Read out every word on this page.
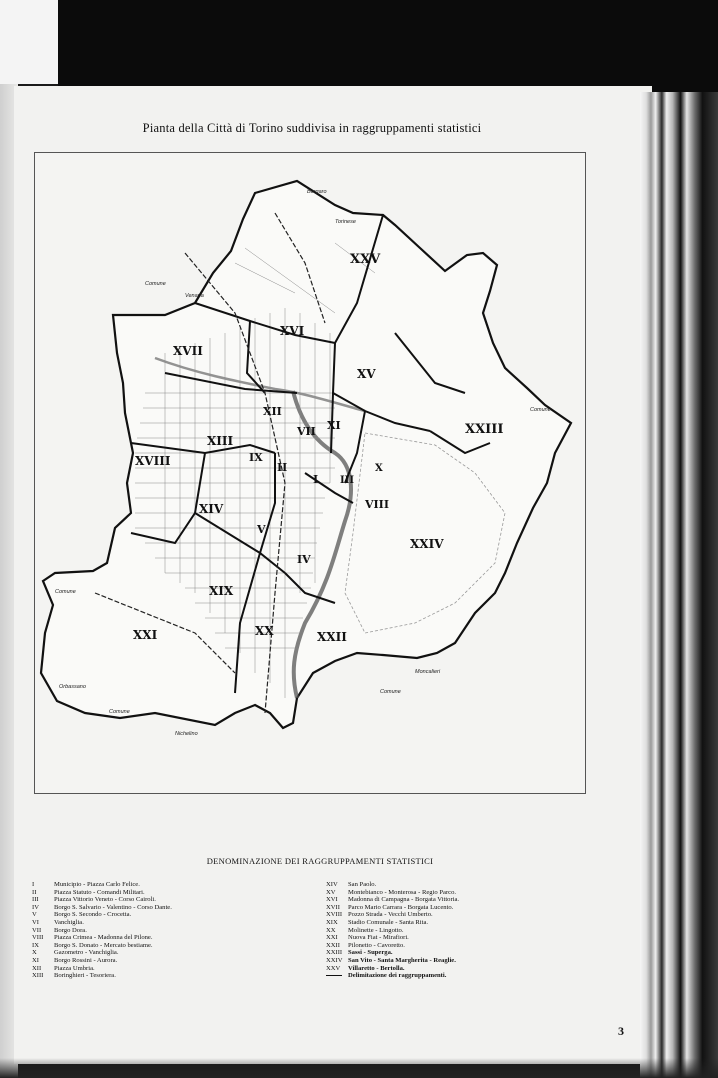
Pianta della Città di Torino suddivisa in raggruppamenti statistici
XXV
XVI
XVII
XV
XXIII
XII
VII XI
XIII
XVIII	IX
II
I III
X
VIII
XIV
V
IV
XXIV
XIX
XXI	XX	XXII
Borgaro
Torinese
Comune
Venaria
Comune
Comune
Comune
Moncalieri
Orbassano
Comune
Nichelino
DENOMINAZIONE DEI RAGGRUPPAMENTI STATISTICI
I	Municipio - Piazza Carlo Felice.
II	Piazza Statuto - Comandi Militari.
III	Piazza Vittorio Veneto - Corso Cairoli.
IV	Borgo S. Salvario - Valentino - Corso Dante.
V	Borgo S. Secondo - Crocetta.
VI	Vanchiglia.
VII	Borgo Dora.
VIII	Piazza Crimea - Madonna del Pilone.
IX	Borgo S. Donato - Mercato bestiame.
X	Gazometro - Vanchiglia.
XI	Borgo Rossini - Aurora.
XII	Piazza Umbria.
XIII	Boringhieri - Tesoriera.
XIV	San Paolo.
XV	Montebianco - Monterosa - Regio Parco.
XVI	Madonna di Campagna - Borgata Vittoria.
XVII	Parco Mario Carrara - Borgata Lucento.
XVIII Pozzo Strada - Vecchi Umberto.
XIX	Stadio Comunale - Santa Rita.
XX	Molinette - Lingotto.
XXI	Nuova Fiat - Mirafiori.
XXII	Pilonetto - Cavoretto.
XXIII Sassi - Superga.
XXIV San Vito - Santa Margherita - Reaglie.
XXV	Villaretto - Bertolla.
Delimitazione dei raggruppamenti.
3
